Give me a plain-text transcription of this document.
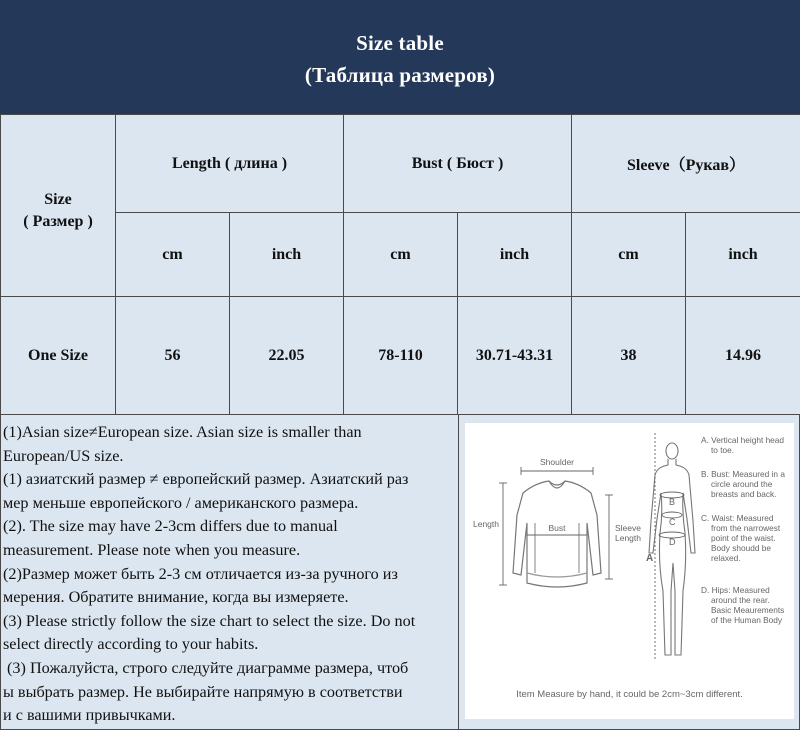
Size table
(Таблица размеров)
Size
( Размер )	Length ( длина )		Bust ( Бюст )		Sleeve（Рукав）	
	cm	inch	cm	inch	cm	inch
One Size	56	22.05	78-110	30.71-43.31	38	14.96

(1)Asian size≠European size. Asian size is smaller than

European/US size.

(1) азиатский размер ≠ европейский размер. Азиатский раз

мер меньше европейского / американского размера.

(2). The size may have 2-3cm differs due to manual

measurement. Please note when you measure.

(2)Размер может быть 2-3 см отличается из-за ручного из

мерения. Обратите внимание, когда вы измеряете.

(3) Please strictly follow the size chart to select the size. Do not

select directly according to your habits.

(3) Пожалуйста, строго следуйте диаграмме размера, чтоб

ы выбрать размер. Не выбирайте напрямую в соответстви

и с вашими привычками.

Shoulder
Length	Bust	Sleeve
Length
A
B
C
D
A. Vertical height head
to toe.
B. Bust: Measured in a
circle around the
breasts and back.
C. Waist: Measured
from the narrowest
point of the waist.
Body shoudd be
relaxed.
D. Hips: Measured
around the rear.
Basic Meaurements
of the Human Body
Item Measure by hand, it could be 2cm~3cm different.
